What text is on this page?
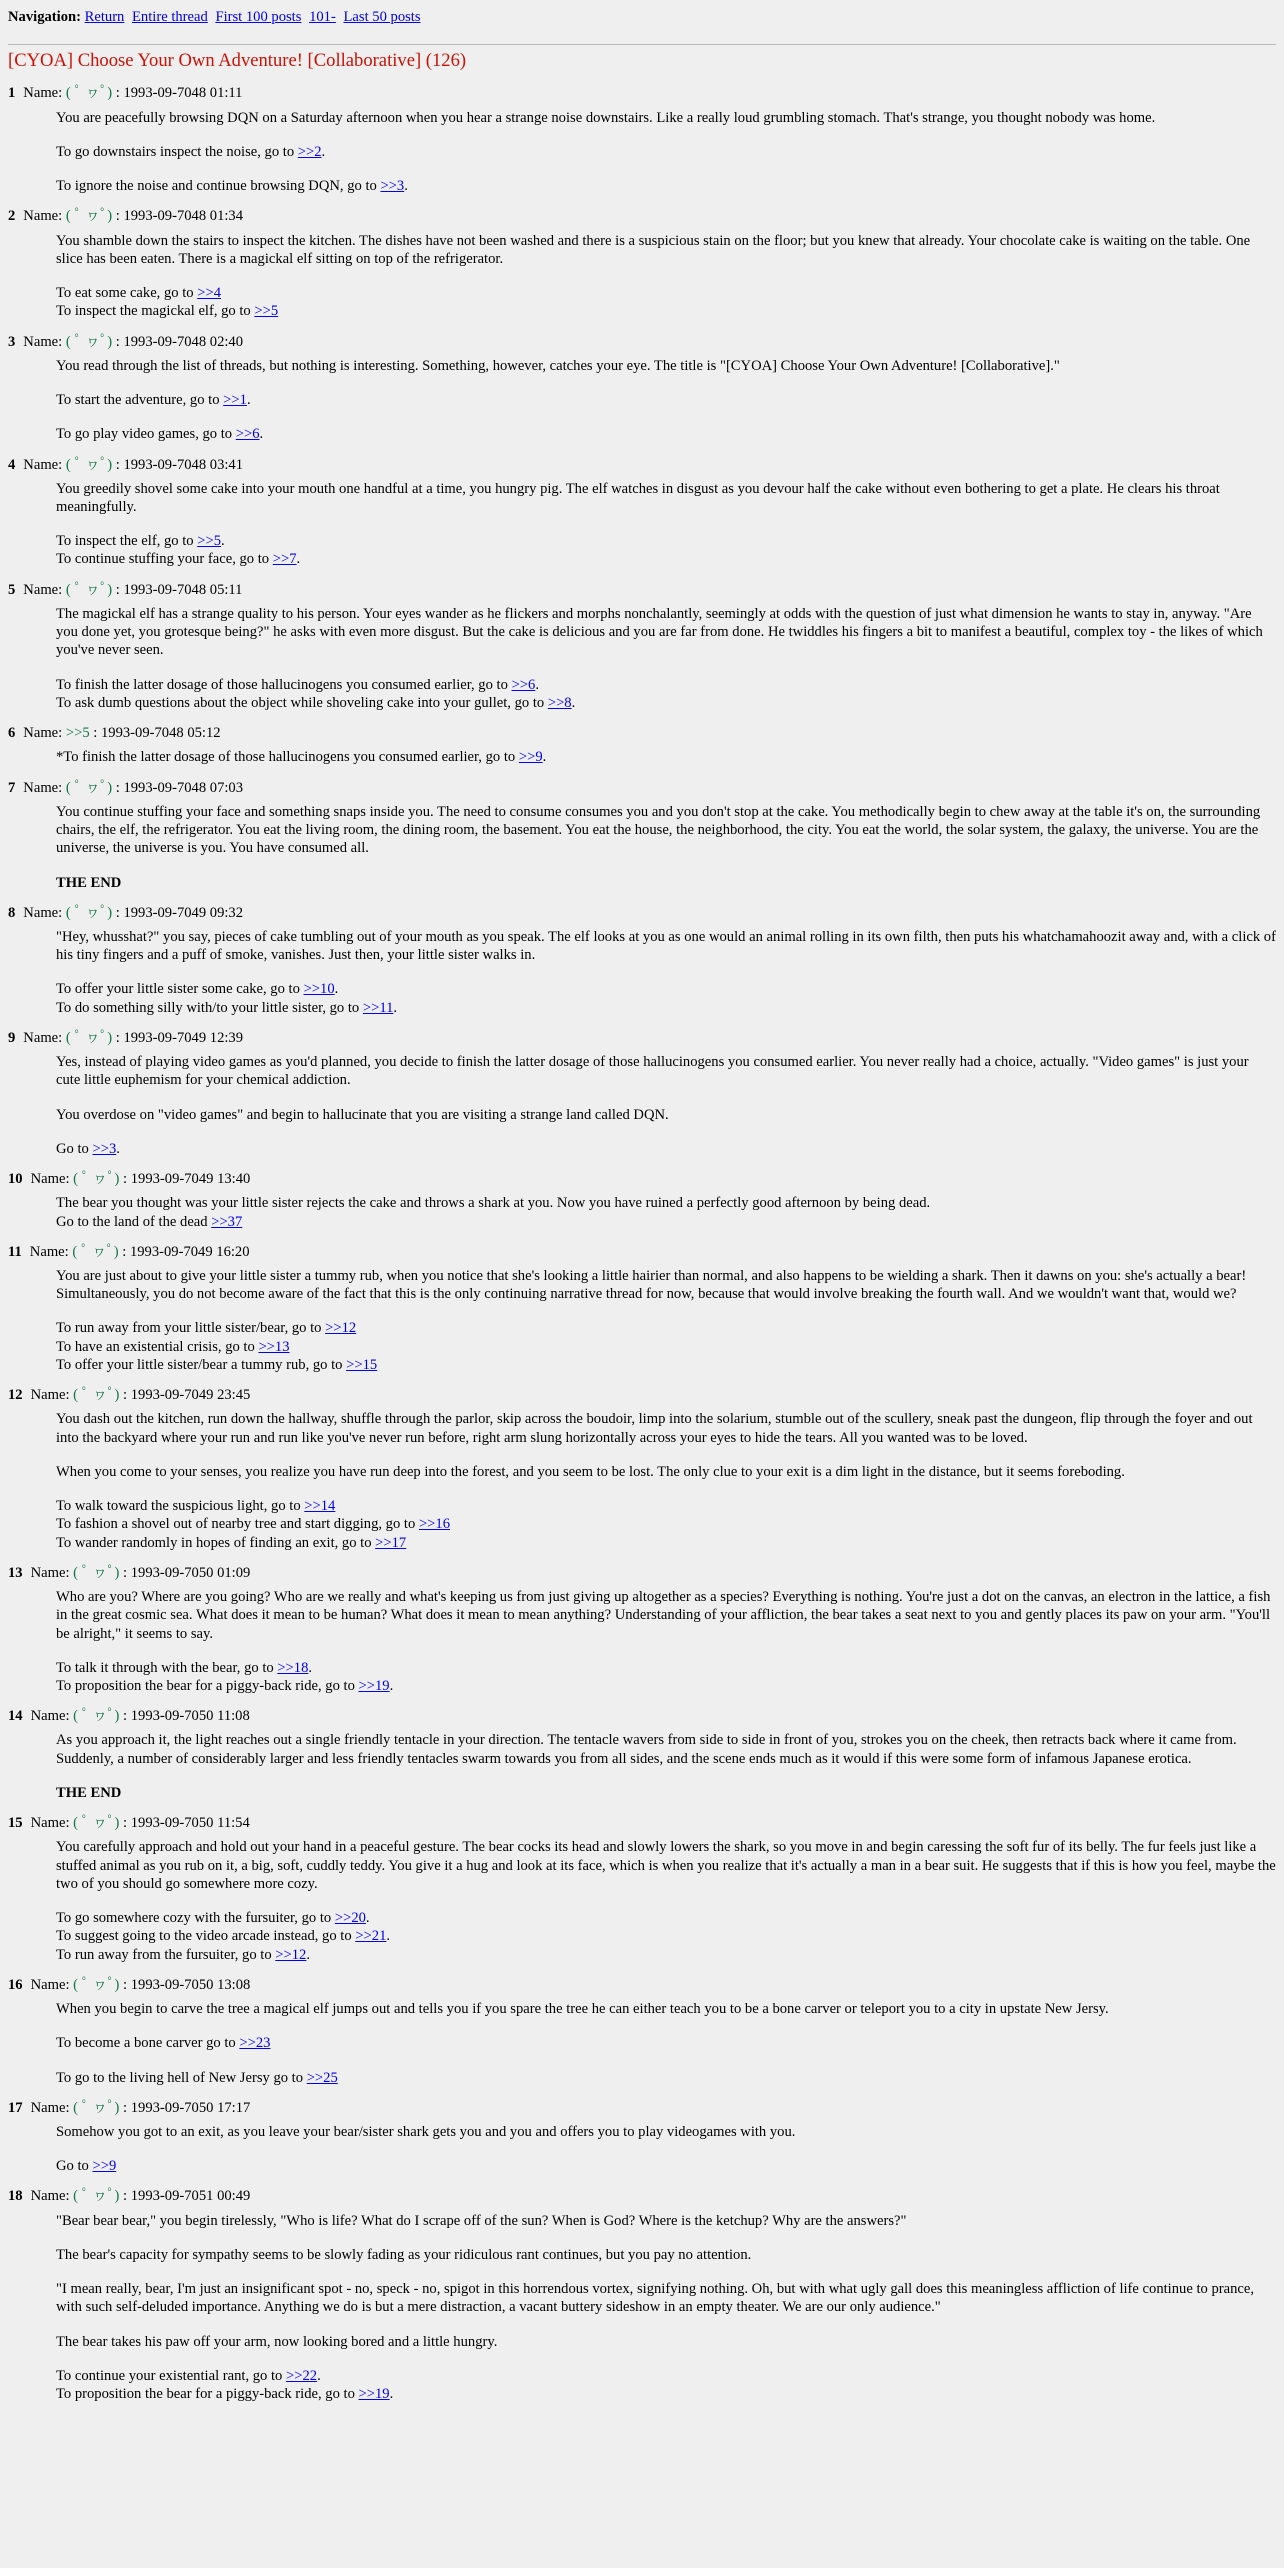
Navigation: Return Entire thread First 100 posts 101- Last 50 posts
[CYOA] Choose Your Own Adventure! [Collaborative] (126)
1 Name: ( ﾟ ヮﾟ) : 1993-09-7048 01:11

You are peacefully browsing DQN on a Saturday afternoon when you hear a strange noise downstairs. Like a really loud grumbling stomach. That's strange, you thought nobody was home.

To go downstairs inspect the noise, go to >>2.

To ignore the noise and continue browsing DQN, go to >>3.

2 Name: ( ﾟ ヮﾟ) : 1993-09-7048 01:34

You shamble down the stairs to inspect the kitchen. The dishes have not been washed and there is a suspicious stain on the floor; but you knew that already. Your chocolate cake is waiting on the table. One slice has been eaten. There is a magickal elf sitting on top of the refrigerator.

To eat some cake, go to >>4
To inspect the magickal elf, go to >>5

3 Name: ( ﾟ ヮﾟ) : 1993-09-7048 02:40

You read through the list of threads, but nothing is interesting. Something, however, catches your eye. The title is "[CYOA] Choose Your Own Adventure! [Collaborative]."

To start the adventure, go to >>1.

To go play video games, go to >>6.

4 Name: ( ﾟ ヮﾟ) : 1993-09-7048 03:41

You greedily shovel some cake into your mouth one handful at a time, you hungry pig. The elf watches in disgust as you devour half the cake without even bothering to get a plate. He clears his throat meaningfully.

To inspect the elf, go to >>5.
To continue stuffing your face, go to >>7.

5 Name: ( ﾟ ヮﾟ) : 1993-09-7048 05:11

The magickal elf has a strange quality to his person. Your eyes wander as he flickers and morphs nonchalantly, seemingly at odds with the question of just what dimension he wants to stay in, anyway. "Are you done yet, you grotesque being?" he asks with even more disgust. But the cake is delicious and you are far from done. He twiddles his fingers a bit to manifest a beautiful, complex toy - the likes of which you've never seen.

To finish the latter dosage of those hallucinogens you consumed earlier, go to >>6.
To ask dumb questions about the object while shoveling cake into your gullet, go to >>8.

6 Name: >>5 : 1993-09-7048 05:12

*To finish the latter dosage of those hallucinogens you consumed earlier, go to >>9.

7 Name: ( ﾟ ヮﾟ) : 1993-09-7048 07:03

You continue stuffing your face and something snaps inside you. The need to consume consumes you and you don't stop at the cake. You methodically begin to chew away at the table it's on, the surrounding chairs, the elf, the refrigerator. You eat the living room, the dining room, the basement. You eat the house, the neighborhood, the city. You eat the world, the solar system, the galaxy, the universe. You are the universe, the universe is you. You have consumed all.

THE END

8 Name: ( ﾟ ヮﾟ) : 1993-09-7049 09:32

"Hey, whusshat?" you say, pieces of cake tumbling out of your mouth as you speak. The elf looks at you as one would an animal rolling in its own filth, then puts his whatchamahoozit away and, with a click of his tiny fingers and a puff of smoke, vanishes. Just then, your little sister walks in.

To offer your little sister some cake, go to >>10.
To do something silly with/to your little sister, go to >>11.

9 Name: ( ﾟ ヮﾟ) : 1993-09-7049 12:39

Yes, instead of playing video games as you'd planned, you decide to finish the latter dosage of those hallucinogens you consumed earlier. You never really had a choice, actually. "Video games" is just your cute little euphemism for your chemical addiction.

You overdose on "video games" and begin to hallucinate that you are visiting a strange land called DQN.

Go to >>3.

10 Name: ( ﾟ ヮﾟ) : 1993-09-7049 13:40

The bear you thought was your little sister rejects the cake and throws a shark at you. Now you have ruined a perfectly good afternoon by being dead.
Go to the land of the dead >>37

11 Name: ( ﾟ ヮﾟ) : 1993-09-7049 16:20

You are just about to give your little sister a tummy rub, when you notice that she's looking a little hairier than normal, and also happens to be wielding a shark. Then it dawns on you: she's actually a bear! Simultaneously, you do not become aware of the fact that this is the only continuing narrative thread for now, because that would involve breaking the fourth wall. And we wouldn't want that, would we?

To run away from your little sister/bear, go to >>12
To have an existential crisis, go to >>13
To offer your little sister/bear a tummy rub, go to >>15

12 Name: ( ﾟ ヮﾟ) : 1993-09-7049 23:45

You dash out the kitchen, run down the hallway, shuffle through the parlor, skip across the boudoir, limp into the solarium, stumble out of the scullery, sneak past the dungeon, flip through the foyer and out into the backyard where your run and run like you've never run before, right arm slung horizontally across your eyes to hide the tears. All you wanted was to be loved.

When you come to your senses, you realize you have run deep into the forest, and you seem to be lost. The only clue to your exit is a dim light in the distance, but it seems foreboding.

To walk toward the suspicious light, go to >>14
To fashion a shovel out of nearby tree and start digging, go to >>16
To wander randomly in hopes of finding an exit, go to >>17

13 Name: ( ﾟ ヮﾟ) : 1993-09-7050 01:09

Who are you? Where are you going? Who are we really and what's keeping us from just giving up altogether as a species? Everything is nothing. You're just a dot on the canvas, an electron in the lattice, a fish in the great cosmic sea. What does it mean to be human? What does it mean to mean anything? Understanding of your affliction, the bear takes a seat next to you and gently places its paw on your arm. "You'll be alright," it seems to say.

To talk it through with the bear, go to >>18.
To proposition the bear for a piggy-back ride, go to >>19.

14 Name: ( ﾟ ヮﾟ) : 1993-09-7050 11:08

As you approach it, the light reaches out a single friendly tentacle in your direction. The tentacle wavers from side to side in front of you, strokes you on the cheek, then retracts back where it came from. Suddenly, a number of considerably larger and less friendly tentacles swarm towards you from all sides, and the scene ends much as it would if this were some form of infamous Japanese erotica.

THE END

15 Name: ( ﾟ ヮﾟ) : 1993-09-7050 11:54

You carefully approach and hold out your hand in a peaceful gesture. The bear cocks its head and slowly lowers the shark, so you move in and begin caressing the soft fur of its belly. The fur feels just like a stuffed animal as you rub on it, a big, soft, cuddly teddy. You give it a hug and look at its face, which is when you realize that it's actually a man in a bear suit. He suggests that if this is how you feel, maybe the two of you should go somewhere more cozy.

To go somewhere cozy with the fursuiter, go to >>20.
To suggest going to the video arcade instead, go to >>21.
To run away from the fursuiter, go to >>12.

16 Name: ( ﾟ ヮﾟ) : 1993-09-7050 13:08

When you begin to carve the tree a magical elf jumps out and tells you if you spare the tree he can either teach you to be a bone carver or teleport you to a city in upstate New Jersy.

To become a bone carver go to >>23

To go to the living hell of New Jersy go to >>25

17 Name: ( ﾟ ヮﾟ) : 1993-09-7050 17:17

Somehow you got to an exit, as you leave your bear/sister shark gets you and you and offers you to play videogames with you.

Go to >>9

18 Name: ( ﾟ ヮﾟ) : 1993-09-7051 00:49

"Bear bear bear," you begin tirelessly, "Who is life? What do I scrape off of the sun? When is God? Where is the ketchup? Why are the answers?"

The bear's capacity for sympathy seems to be slowly fading as your ridiculous rant continues, but you pay no attention.

"I mean really, bear, I'm just an insignificant spot - no, speck - no, spigot in this horrendous vortex, signifying nothing. Oh, but with what ugly gall does this meaningless affliction of life continue to prance, with such self-deluded importance. Anything we do is but a mere distraction, a vacant buttery sideshow in an empty theater. We are our only audience."

The bear takes his paw off your arm, now looking bored and a little hungry.

To continue your existential rant, go to >>22.
To proposition the bear for a piggy-back ride, go to >>19.
